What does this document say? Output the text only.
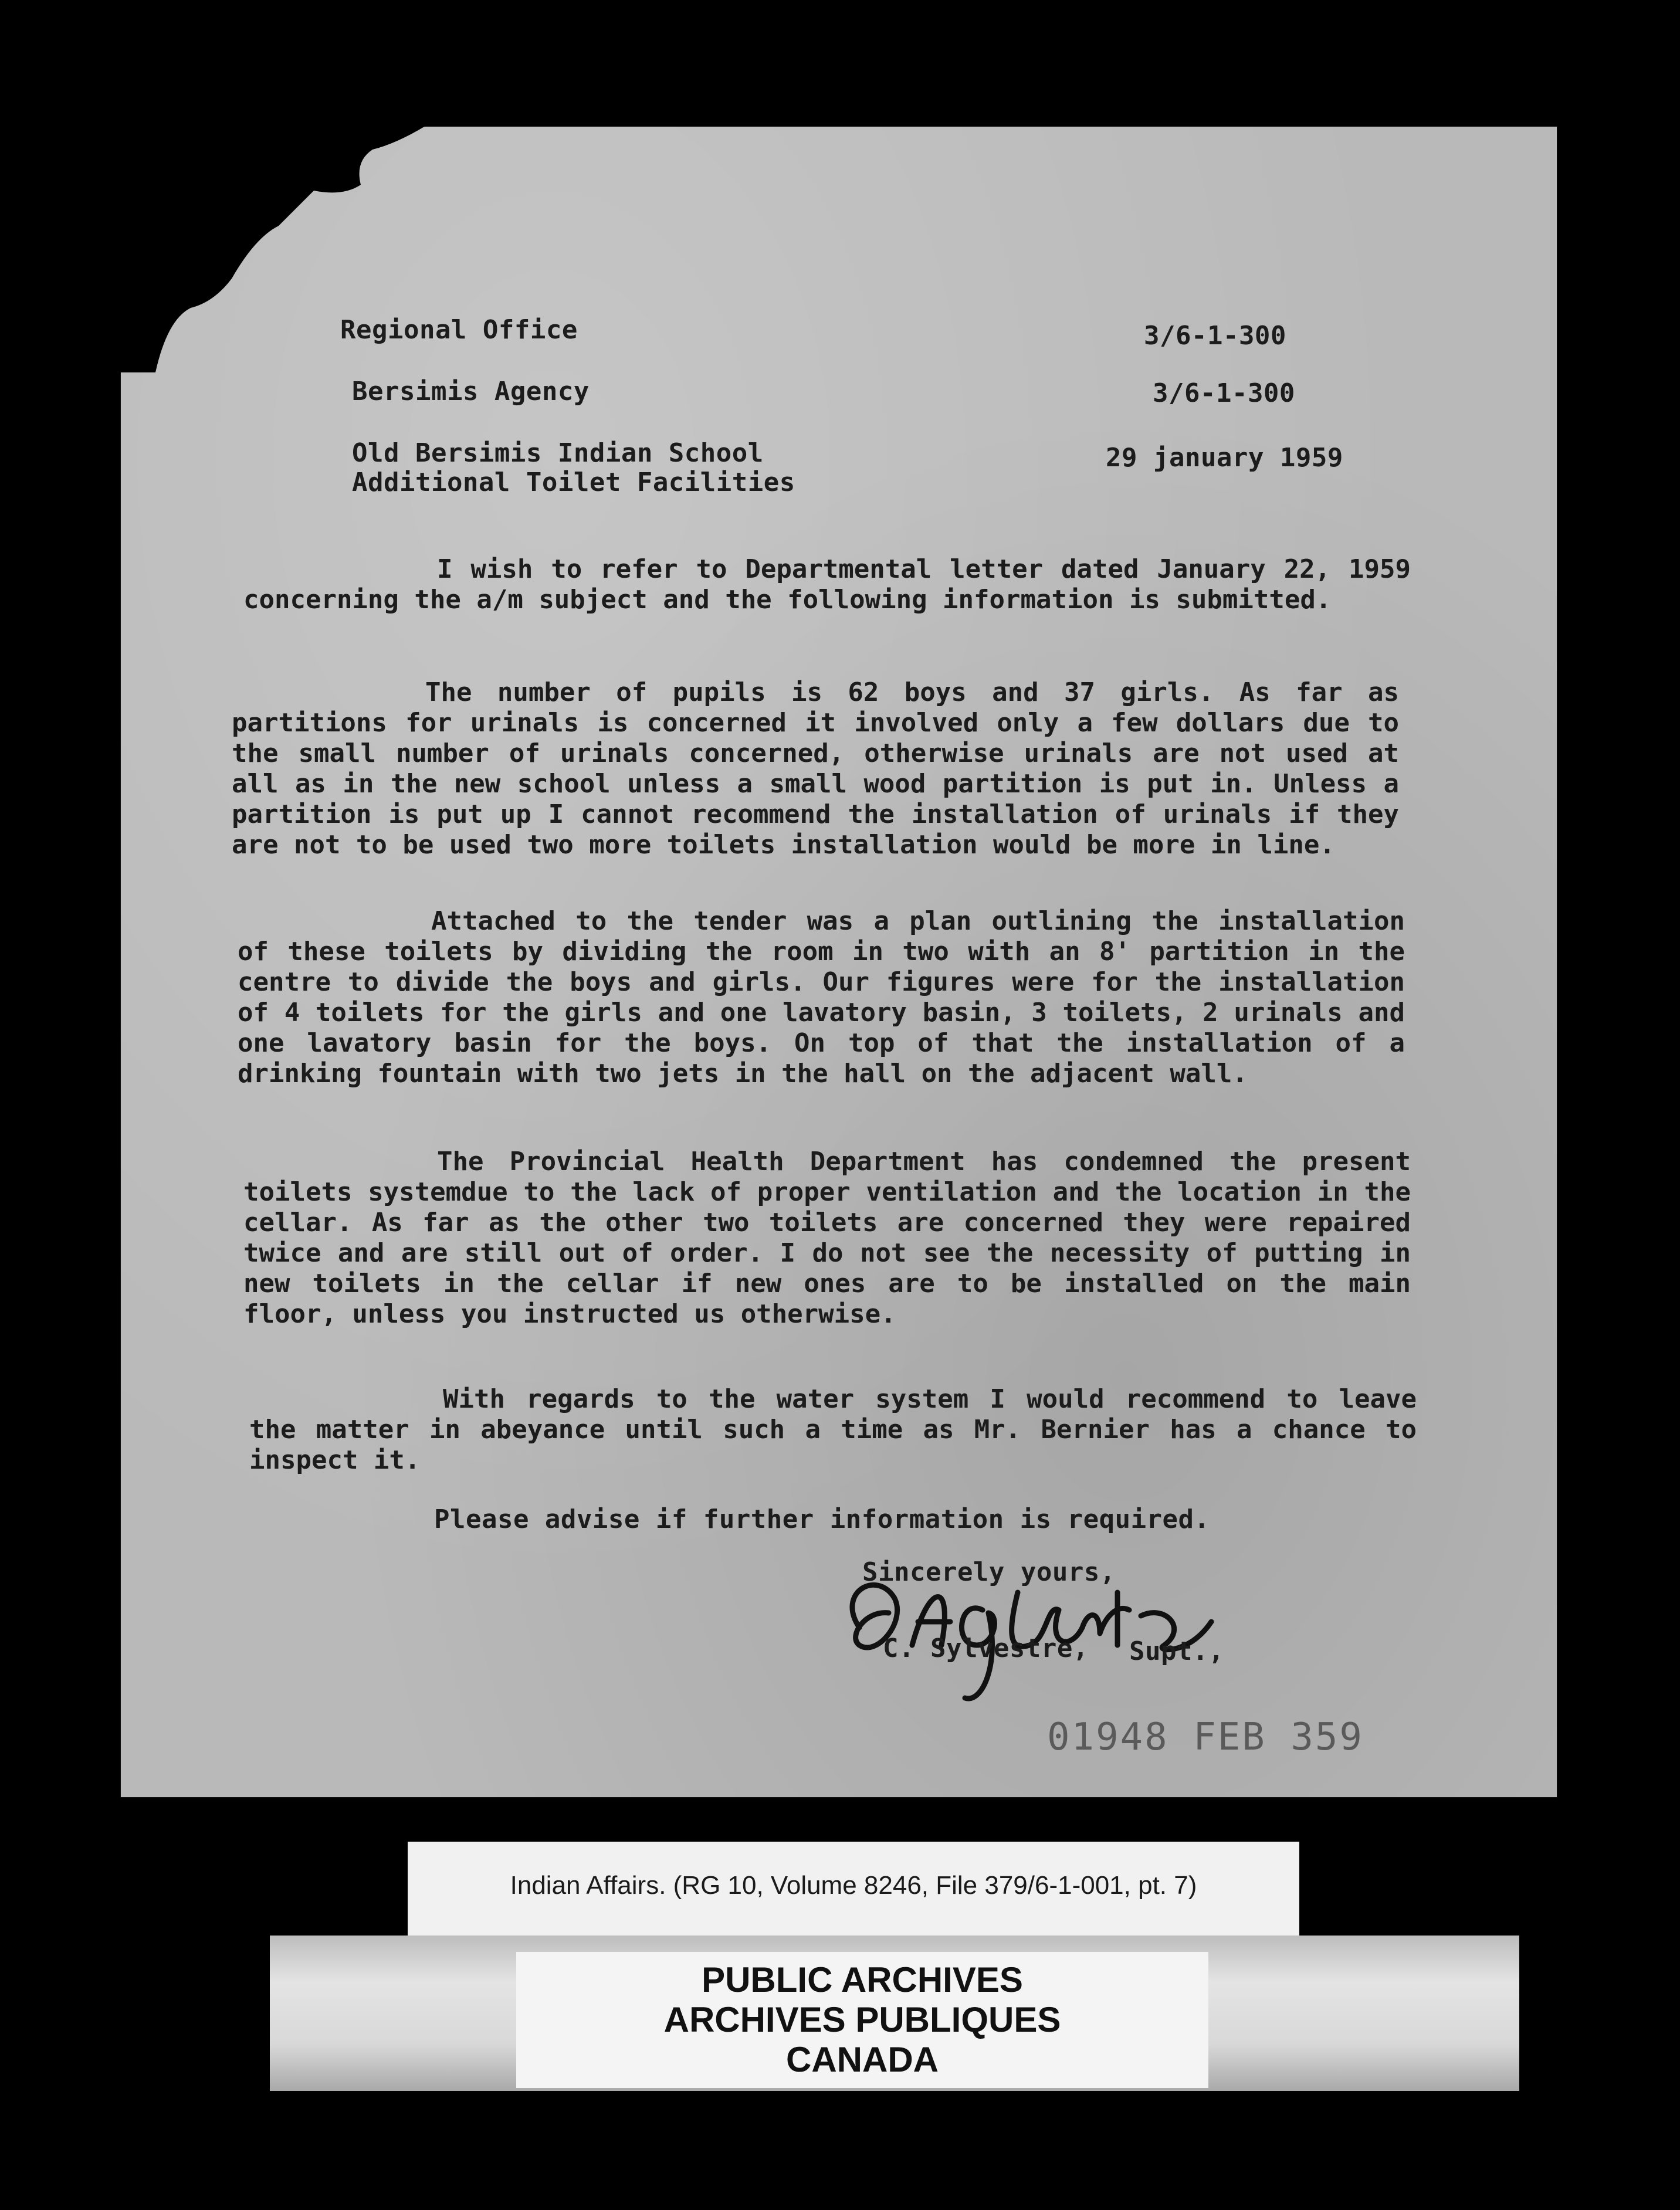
Regional Office
Bersimis Agency
Old Bersimis Indian School
Additional Toilet Facilities
3/6-1-300
3/6-1-300
29 january 1959
I wish to refer to Departmental letter dated January 22, 1959 concerning the a/m subject and the following information is submitted.
The number of pupils is 62 boys and 37 girls. As far as partitions for urinals is concerned it involved only a few dollars due to the small number of urinals concerned, otherwise urinals are not used at all as in the new school unless a small wood partition is put in. Unless a partition is put up I cannot recommend the installation of urinals if they are not to be used two more toilets installation would be more in line.
Attached to the tender was a plan outlining the installation of these toilets by dividing the room in two with an 8' partition in the centre to divide the boys and girls. Our figures were for the installation of 4 toilets for the girls and one lavatory basin, 3 toilets, 2 urinals and one lavatory basin for the boys. On top of that the installation of a drinking fountain with two jets in the hall on the adjacent wall.
The Provincial Health Department has condemned the present toilets systemdue to the lack of proper ventilation and the location in the cellar. As far as the other two toilets are concerned they were repaired twice and are still out of order. I do not see the necessity of putting in new toilets in the cellar if new ones are to be installed on the main floor, unless you instructed us otherwise.
With regards to the water system I would recommend to leave the matter in abeyance until such a time as Mr. Bernier has a chance to inspect it.
Please advise if further information is required.
Sincerely yours,
C. Sylvestre, Supt.,
01948 FEB 359
Indian Affairs. (RG 10, Volume 8246, File 379/6-1-001, pt. 7)
PUBLIC ARCHIVES
ARCHIVES PUBLIQUES
CANADA
